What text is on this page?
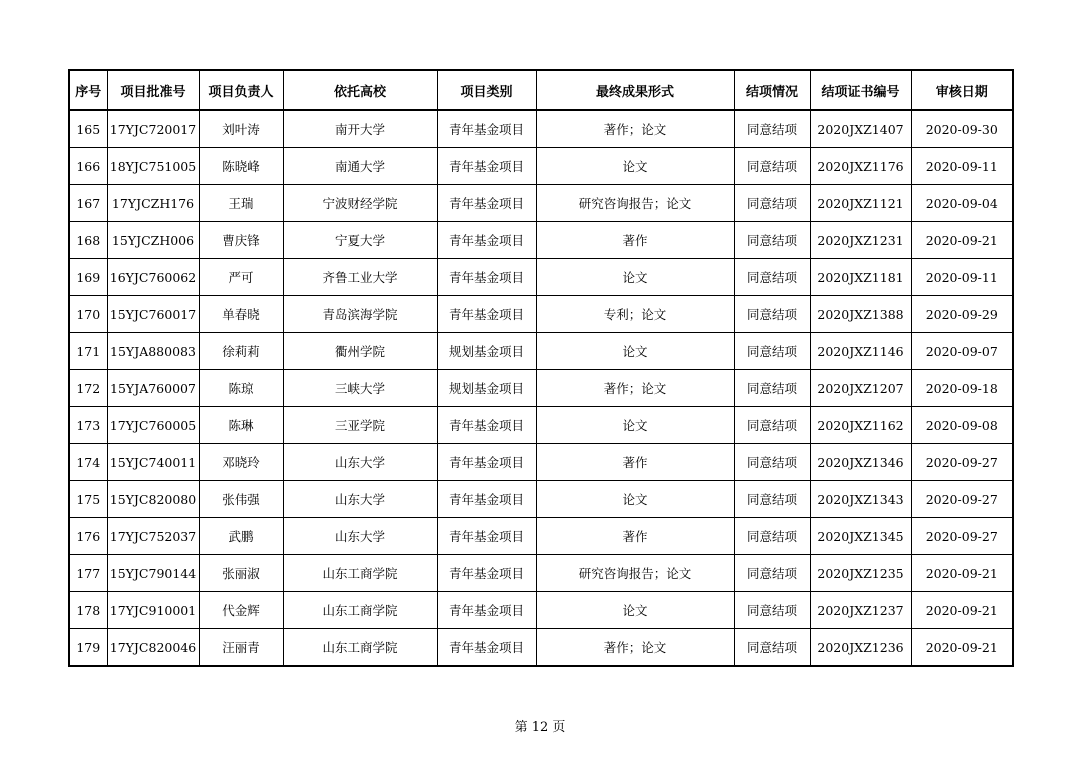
序号	项目批准号	项目负责人	依托高校	项目类别	最终成果形式	结项情况	结项证书编号	审核日期
165	17YJC720017	刘叶涛	南开大学	青年基金项目	著作；论文	同意结项	2020JXZ1407	2020-09-30
166	18YJC751005	陈晓峰	南通大学	青年基金项目	论文	同意结项	2020JXZ1176	2020-09-11
167	17YJCZH176	王瑞	宁波财经学院	青年基金项目	研究咨询报告；论文	同意结项	2020JXZ1121	2020-09-04
168	15YJCZH006	曹庆锋	宁夏大学	青年基金项目	著作	同意结项	2020JXZ1231	2020-09-21
169	16YJC760062	严可	齐鲁工业大学	青年基金项目	论文	同意结项	2020JXZ1181	2020-09-11
170	15YJC760017	单春晓	青岛滨海学院	青年基金项目	专利；论文	同意结项	2020JXZ1388	2020-09-29
171	15YJA880083	徐莉莉	衢州学院	规划基金项目	论文	同意结项	2020JXZ1146	2020-09-07
172	15YJA760007	陈琼	三峡大学	规划基金项目	著作；论文	同意结项	2020JXZ1207	2020-09-18
173	17YJC760005	陈琳	三亚学院	青年基金项目	论文	同意结项	2020JXZ1162	2020-09-08
174	15YJC740011	邓晓玲	山东大学	青年基金项目	著作	同意结项	2020JXZ1346	2020-09-27
175	15YJC820080	张伟强	山东大学	青年基金项目	论文	同意结项	2020JXZ1343	2020-09-27
176	17YJC752037	武鹏	山东大学	青年基金项目	著作	同意结项	2020JXZ1345	2020-09-27
177	15YJC790144	张丽淑	山东工商学院	青年基金项目	研究咨询报告；论文	同意结项	2020JXZ1235	2020-09-21
178	17YJC910001	代金辉	山东工商学院	青年基金项目	论文	同意结项	2020JXZ1237	2020-09-21
179	17YJC820046	汪丽青	山东工商学院	青年基金项目	著作；论文	同意结项	2020JXZ1236	2020-09-21
第 12 页
